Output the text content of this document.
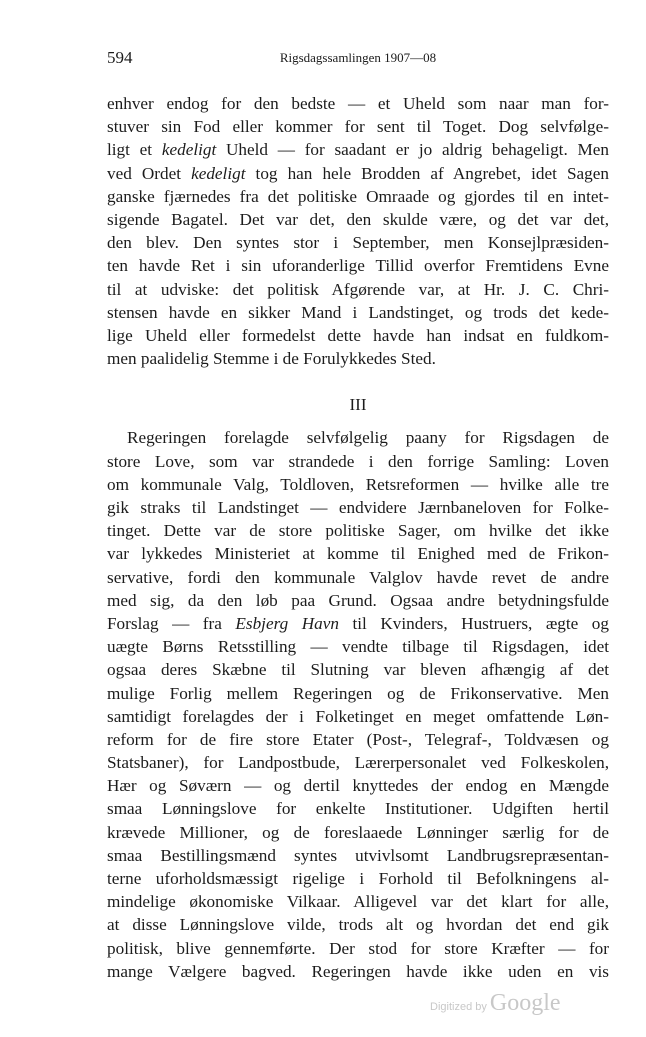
594	Rigsdagssamlingen 1907—08
enhver endog for den bedste — et Uheld som naar man for-
stuver sin Fod eller kommer for sent til Toget. Dog selvfølge-
ligt et kedeligt Uheld — for saadant er jo aldrig behageligt. Men
ved Ordet kedeligt tog han hele Brodden af Angrebet, idet Sagen
ganske fjærnedes fra det politiske Omraade og gjordes til en intet-
sigende Bagatel. Det var det, den skulde være, og det var det,
den blev. Den syntes stor i September, men Konsejlpræsiden-
ten havde Ret i sin uforanderlige Tillid overfor Fremtidens Evne
til at udviske: det politisk Afgørende var, at Hr. J. C. Chri-
stensen havde en sikker Mand i Landstinget, og trods det kede-
lige Uheld eller formedelst dette havde han indsat en fuldkom-
men paalidelig Stemme i de Forulykkedes Sted.
III
Regeringen forelagde selvfølgelig paany for Rigsdagen de
store Love, som var strandede i den forrige Samling: Loven
om kommunale Valg, Toldloven, Retsreformen — hvilke alle tre
gik straks til Landstinget — endvidere Jærnbaneloven for Folke-
tinget. Dette var de store politiske Sager, om hvilke det ikke
var lykkedes Ministeriet at komme til Enighed med de Frikon-
servative, fordi den kommunale Valglov havde revet de andre
med sig, da den løb paa Grund. Ogsaa andre betydningsfulde
Forslag — fra Esbjerg Havn til Kvinders, Hustruers, ægte og
uægte Børns Retsstilling — vendte tilbage til Rigsdagen, idet
ogsaa deres Skæbne til Slutning var bleven afhængig af det
mulige Forlig mellem Regeringen og de Frikonservative. Men
samtidigt forelagdes der i Folketinget en meget omfattende Løn-
reform for de fire store Etater (Post-, Telegraf-, Toldvæsen og
Statsbaner), for Landpostbude, Lærerpersonalet ved Folkeskolen,
Hær og Søværn — og dertil knyttedes der endog en Mængde
smaa Lønningslove for enkelte Institutioner. Udgiften hertil
krævede Millioner, og de foreslaaede Lønninger særlig for de
smaa Bestillingsmænd syntes utvivlsomt Landbrugsrepræsentan-
terne uforholdsmæssigt rigelige i Forhold til Befolkningens al-
mindelige økonomiske Vilkaar. Alligevel var det klart for alle,
at disse Lønningslove vilde, trods alt og hvordan det end gik
politisk, blive gennemførte. Der stod for store Kræfter — for
mange Vælgere bagved. Regeringen havde ikke uden en vis
Digitized by Google
